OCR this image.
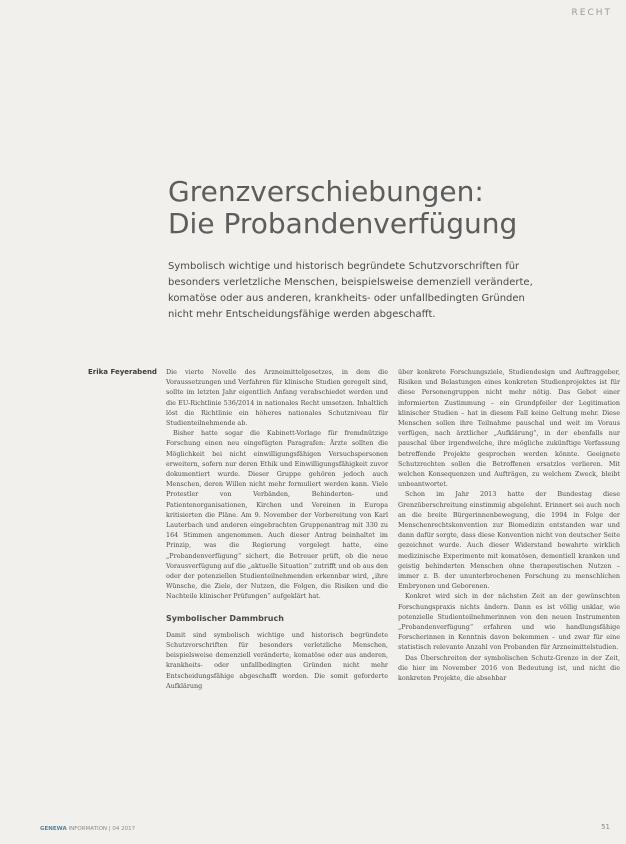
RECHT
Grenzverschiebungen:
Die Probandenverfügung
Symbolisch wichtige und historisch begründete Schutzvorschriften für besonders verletzliche Menschen, beispielsweise demenziell veränderte, komatöse oder aus anderen, krankheits- oder unfallbedingten Gründen nicht mehr Entscheidungsfähige werden abgeschafft.
Erika Feyerabend	Die vierte Novelle des Arzneimittelgesetzes, in dem die Voraussetzungen und Verfahren für klinische Studien geregelt sind, sollte im letzten Jahr eigentlich Anfang verabschiedet werden und die EU-Richtlinie 536/2014 in nationales Recht umsetzen. Inhaltlich löst die Richtlinie ein höheres nationales Schutzniveau für Studienteilnehmende ab.

Bisher hatte sogar die Kabinett-Vorlage für fremdnützige Forschung einen neu eingefügten Paragrafen: Ärzte sollten die Möglichkeit bei nicht einwilligungsfähigen Versuchspersonen erweitern, sofern nur deren Ethik und Einwilligungsfähigkeit zuvor dokumentiert wurde. Dieser Gruppe gehören jedoch auch Menschen, deren Willen nicht mehr formuliert werden kann. Viele Protestler von Verbänden, Behinderten- und Patientenorganisationen, Kirchen und Vereinen in Europa kritisierten die Pläne. Am 9. November der Vorbereitung von Karl Lauterbach und anderen eingebrachten Gruppenantrag mit 330 zu 164 Stimmen angenommen. Auch dieser Antrag beinhaltet im Prinzip, was die Regierung vorgelegt hatte, eine „Probandenverfügung“ sichert, die Betreuer prüft, ob die neue Vorausverfügung auf die „aktuelle Situation“ zutrifft und ob aus den oder der potenziellen Studienteilnehmenden erkennbar wird, „ihre Wünsche, die Ziele, der Nutzen, die Folgen, die Risiken und die Nachteile klinischer Prüfungen“ aufgeklärt hat.

Symbolischer Dammbruch

Damit sind symbolisch wichtige und historisch begründete Schutzvorschriften für besonders verletzliche Menschen, beispielsweise demenziell veränderte, komatöse oder aus anderen, krankheits- oder unfallbedingten Gründen nicht mehr Entscheidungsfähige abgeschafft worden. Die somit geforderte Aufklärung

über konkrete Forschungsziele, Studiendesign und Auftraggeber, Risiken und Belastungen eines konkreten Studienprojektes ist für diese Personengruppen nicht mehr nötig. Das Gebot einer informierten Zustimmung – ein Grundpfeiler der Legitimation klinischer Studien – hat in diesem Fall keine Geltung mehr. Diese Menschen sollen ihre Teilnahme pauschal und weit im Voraus verfügen, nach ärztlicher „Aufklärung“, in der ebenfalls nur pauschal über irgendwelche, ihre mögliche zukünftige Verfassung betreffende Projekte gesprochen werden könnte. Geeignete Schutzrechten sollen die Betroffenen ersatzlos verlieren. Mit welchen Konsequenzen und Aufträgen, zu welchem Zweck, bleibt unbeantwortet.

Schon im Jahr 2013 hatte der Bundestag diese Grenzüberschreitung einstimmig abgelehnt. Erinnert sei auch noch an die breite Bürgerinnenbewegung, die 1994 in Folge der Menschenrechtskonvention zur Biomedizin entstanden war und dann dafür sorgte, dass diese Konvention nicht von deutscher Seite gezeichnet wurde. Auch dieser Widerstand bewahrte wirklich medizinische Experimente mit komatösen, dementiell kranken und geistig behinderten Menschen ohne therapeutischen Nutzen – immer z. B. der ununterbrochenen Forschung zu menschlichen Embryonen und Geborenen.

Konkret wird sich in der nächsten Zeit an der gewünschten Forschungspraxis nichts ändern. Dann es ist völlig unklar, wie potenzielle Studienteilnehmerinnen von den neuen Instrumenten „Probandenverfügung“ erfahren und wie handlungsfähige Forscherinnen in Kenntnis davon bekommen – und zwar für eine statistisch relevante Anzahl von Probanden für Arzneimittelstudien.

Das Überschreiten der symbolischen Schutz-Grenze in der Zeit, die hier im November 2016 von Bedeutung ist, und nicht die konkreten Projekte, die absehbar

GENEWA INFORMATION | 04 2017	51
